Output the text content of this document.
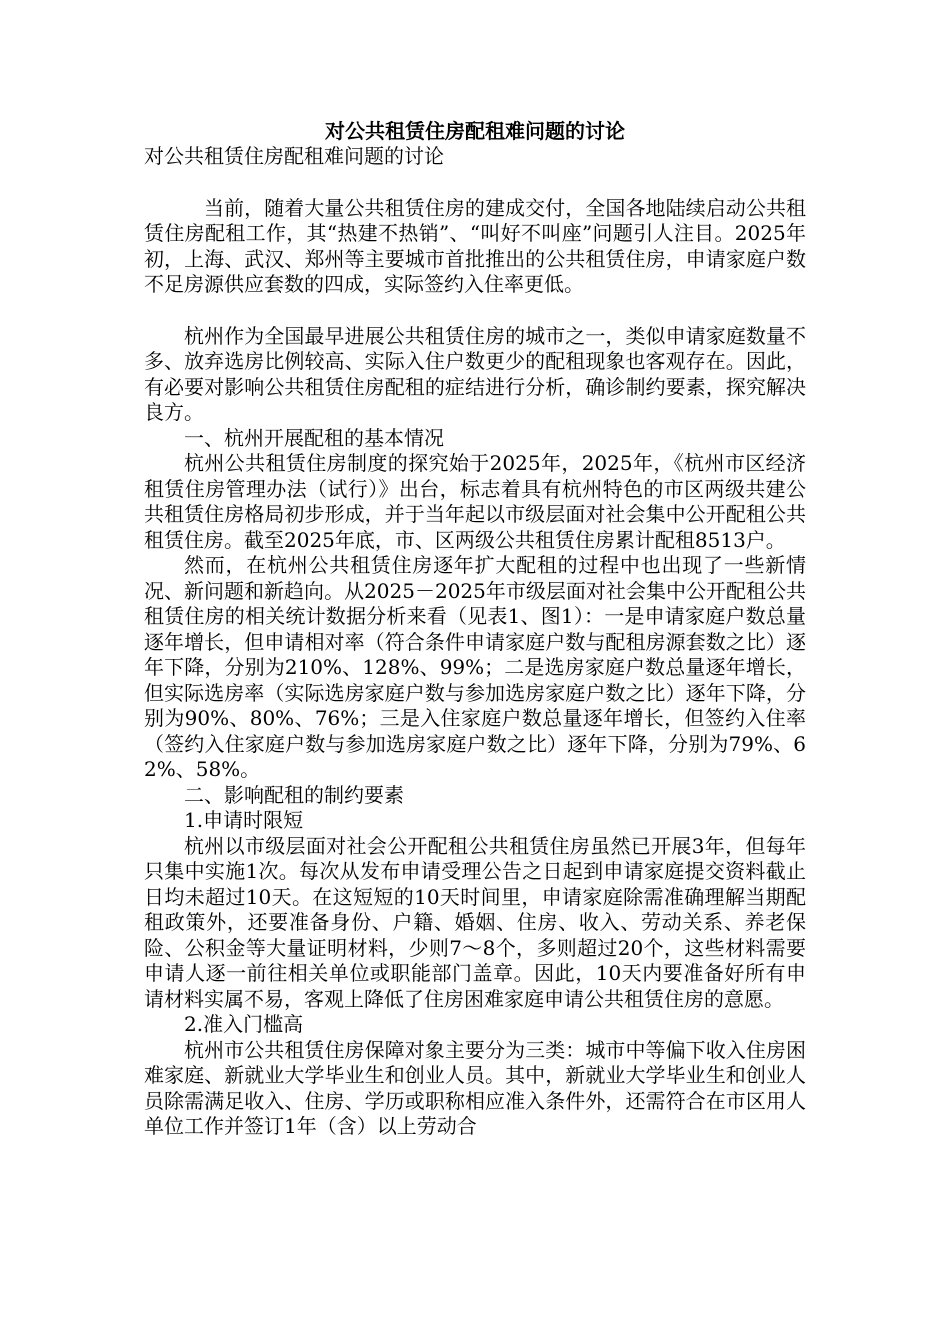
对公共租赁住房配租难问题的讨论

对公共租赁住房配租难问题的讨论

当前，随着大量公共租赁住房的建成交付，全国各地陆续启动公共租赁住房配租工作，其“热建不热销”、“叫好不叫座”问题引人注目。2025年初，上海、武汉、郑州等主要城市首批推出的公共租赁住房，申请家庭户数不足房源供应套数的四成，实际签约入住率更低。

杭州作为全国最早进展公共租赁住房的城市之一，类似申请家庭数量不多、放弃选房比例较高、实际入住户数更少的配租现象也客观存在。因此，有必要对影响公共租赁住房配租的症结进行分析，确诊制约要素，探究解决良方。

一、杭州开展配租的基本情况

杭州公共租赁住房制度的探究始于2025年，2025年，《杭州市区经济租赁住房管理办法（试行）》出台，标志着具有杭州特色的市区两级共建公共租赁住房格局初步形成，并于当年起以市级层面对社会集中公开配租公共租赁住房。截至2025年底，市、区两级公共租赁住房累计配租8513户。

然而，在杭州公共租赁住房逐年扩大配租的过程中也出现了一些新情况、新问题和新趋向。从2025－2025年市级层面对社会集中公开配租公共租赁住房的相关统计数据分析来看（见表1、图1）：一是申请家庭户数总量逐年增长，但申请相对率（符合条件申请家庭户数与配租房源套数之比）逐年下降，分别为210%、128%、99%；二是选房家庭户数总量逐年增长，但实际选房率（实际选房家庭户数与参加选房家庭户数之比）逐年下降，分别为90%、80%、76%；三是入住家庭户数总量逐年增长，但签约入住率（签约入住家庭户数与参加选房家庭户数之比）逐年下降，分别为79%、62%、58%。

二、影响配租的制约要素

1.申请时限短

杭州以市级层面对社会公开配租公共租赁住房虽然已开展3年，但每年只集中实施1次。每次从发布申请受理公告之日起到申请家庭提交资料截止日均未超过10天。在这短短的10天时间里，申请家庭除需准确理解当期配租政策外，还要准备身份、户籍、婚姻、住房、收入、劳动关系、养老保险、公积金等大量证明材料，少则7～8个，多则超过20个，这些材料需要申请人逐一前往相关单位或职能部门盖章。因此，10天内要准备好所有申请材料实属不易，客观上降低了住房困难家庭申请公共租赁住房的意愿。

2.准入门槛高

杭州市公共租赁住房保障对象主要分为三类：城市中等偏下收入住房困难家庭、新就业大学毕业生和创业人员。其中，新就业大学毕业生和创业人员除需满足收入、住房、学历或职称相应准入条件外，还需符合在市区用人单位工作并签订1年（含）以上劳动合
